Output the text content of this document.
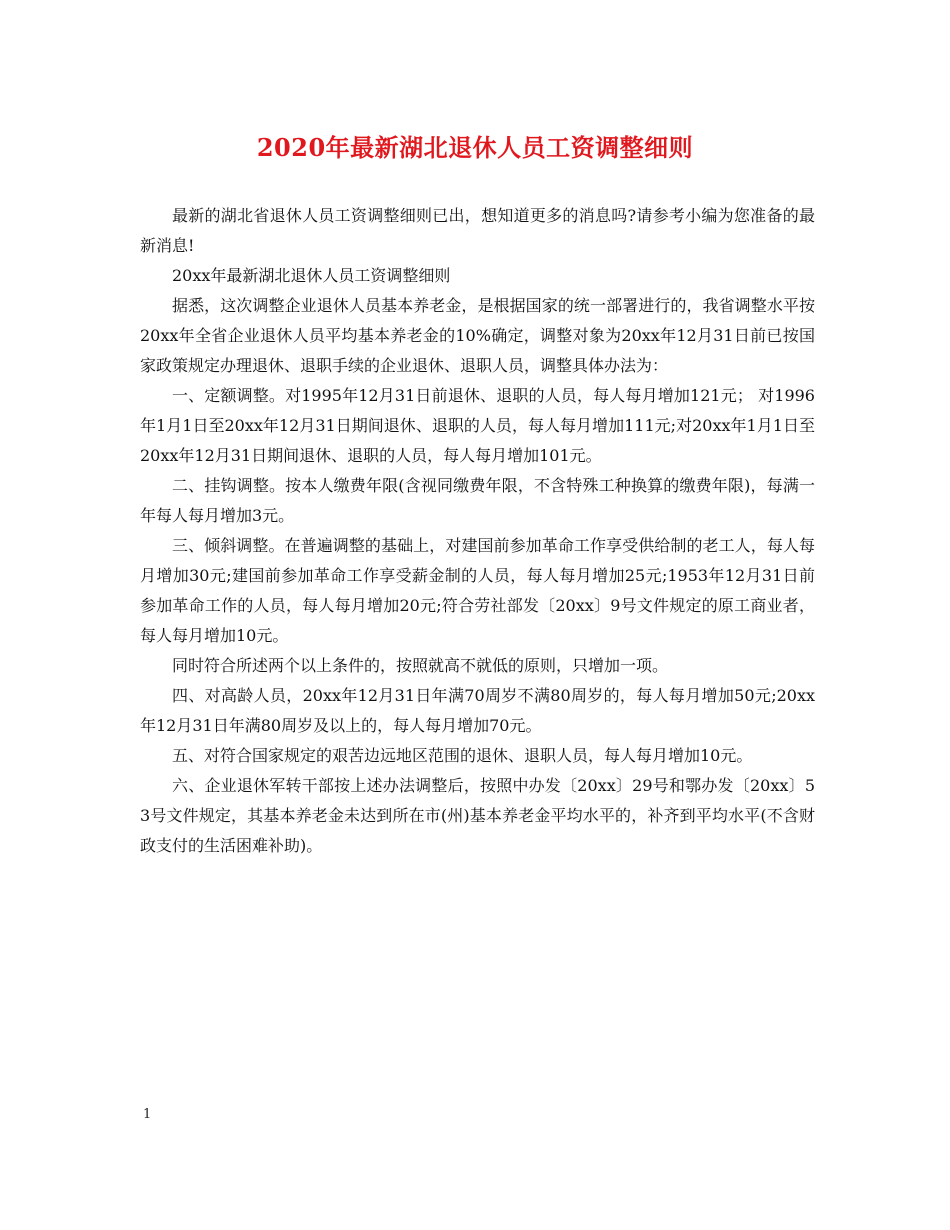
2020年最新湖北退休人员工资调整细则

最新的湖北省退休人员工资调整细则已出，想知道更多的消息吗?请参考小编为您准备的最新消息!

20xx年最新湖北退休人员工资调整细则

据悉，这次调整企业退休人员基本养老金，是根据国家的统一部署进行的，我省调整水平按20xx年全省企业退休人员平均基本养老金的10%确定，调整对象为20xx年12月31日前已按国家政策规定办理退休、退职手续的企业退休、退职人员，调整具体办法为：

一、定额调整。对1995年12月31日前退休、退职的人员，每人每月增加121元； 对1996年1月1日至20xx年12月31日期间退休、退职的人员，每人每月增加111元;对20xx年1月1日至20xx年12月31日期间退休、退职的人员，每人每月增加101元。

二、挂钩调整。按本人缴费年限(含视同缴费年限，不含特殊工种换算的缴费年限)，每满一年每人每月增加3元。

三、倾斜调整。在普遍调整的基础上，对建国前参加革命工作享受供给制的老工人，每人每月增加30元;建国前参加革命工作享受薪金制的人员，每人每月增加25元;1953年12月31日前参加革命工作的人员，每人每月增加20元;符合劳社部发〔20xx〕9号文件规定的原工商业者，每人每月增加10元。

同时符合所述两个以上条件的，按照就高不就低的原则，只增加一项。

四、对高龄人员，20xx年12月31日年满70周岁不满80周岁的，每人每月增加50元;20xx年12月31日年满80周岁及以上的，每人每月增加70元。

五、对符合国家规定的艰苦边远地区范围的退休、退职人员，每人每月增加10元。

六、企业退休军转干部按上述办法调整后，按照中办发〔20xx〕29号和鄂办发〔20xx〕53号文件规定，其基本养老金未达到所在市(州)基本养老金平均水平的，补齐到平均水平(不含财政支付的生活困难补助)。

1
